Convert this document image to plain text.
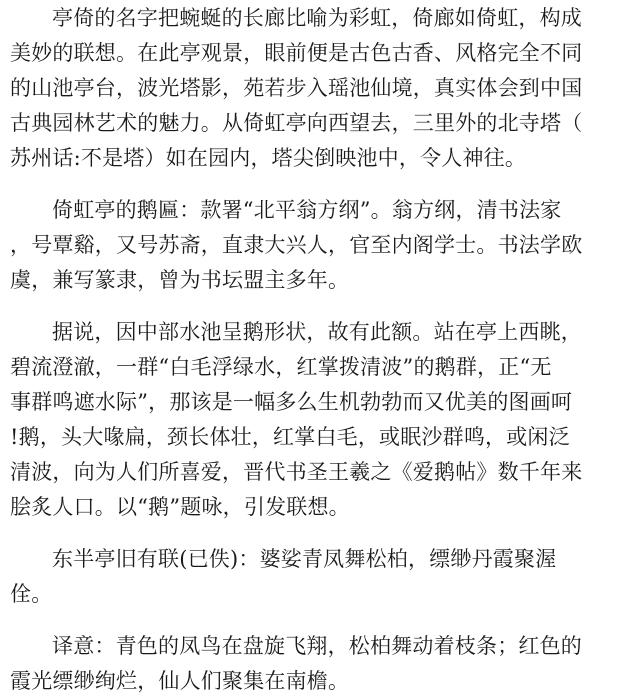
亭倚的名字把蜿蜒的长廊比喻为彩虹，倚廊如倚虹，构成
美妙的联想。在此亭观景，眼前便是古色古香、风格完全不同
的山池亭台，波光塔影，苑若步入瑶池仙境，真实体会到中国
古典园林艺术的魅力。从倚虹亭向西望去，三里外的北寺塔（
苏州话:不是塔）如在园内，塔尖倒映池中，令人神往。

倚虹亭的鹅匾：款署“北平翁方纲”。翁方纲，清书法家
，号覃谿，又号苏斋，直隶大兴人，官至内阁学士。书法学欧
虞，兼写篆隶，曾为书坛盟主多年。

据说，因中部水池呈鹅形状，故有此额。站在亭上西眺，
碧流澄澈，一群“白毛浮绿水，红掌拨清波”的鹅群，正“无
事群鸣遮水际”，那该是一幅多么生机勃勃而又优美的图画呵
!鹅，头大喙扁，颈长体壮，红掌白毛，或眠沙群鸣，或闲泛
清波，向为人们所喜爱，晋代书圣王羲之《爱鹅帖》数千年来
脍炙人口。以“鹅”题咏，引发联想。

东半亭旧有联(已佚)：婆娑青凤舞松柏，缥缈丹霞聚渥
佺。

译意：青色的凤鸟在盘旋飞翔，松柏舞动着枝条；红色的
霞光缥缈绚烂，仙人们聚集在南檐。
